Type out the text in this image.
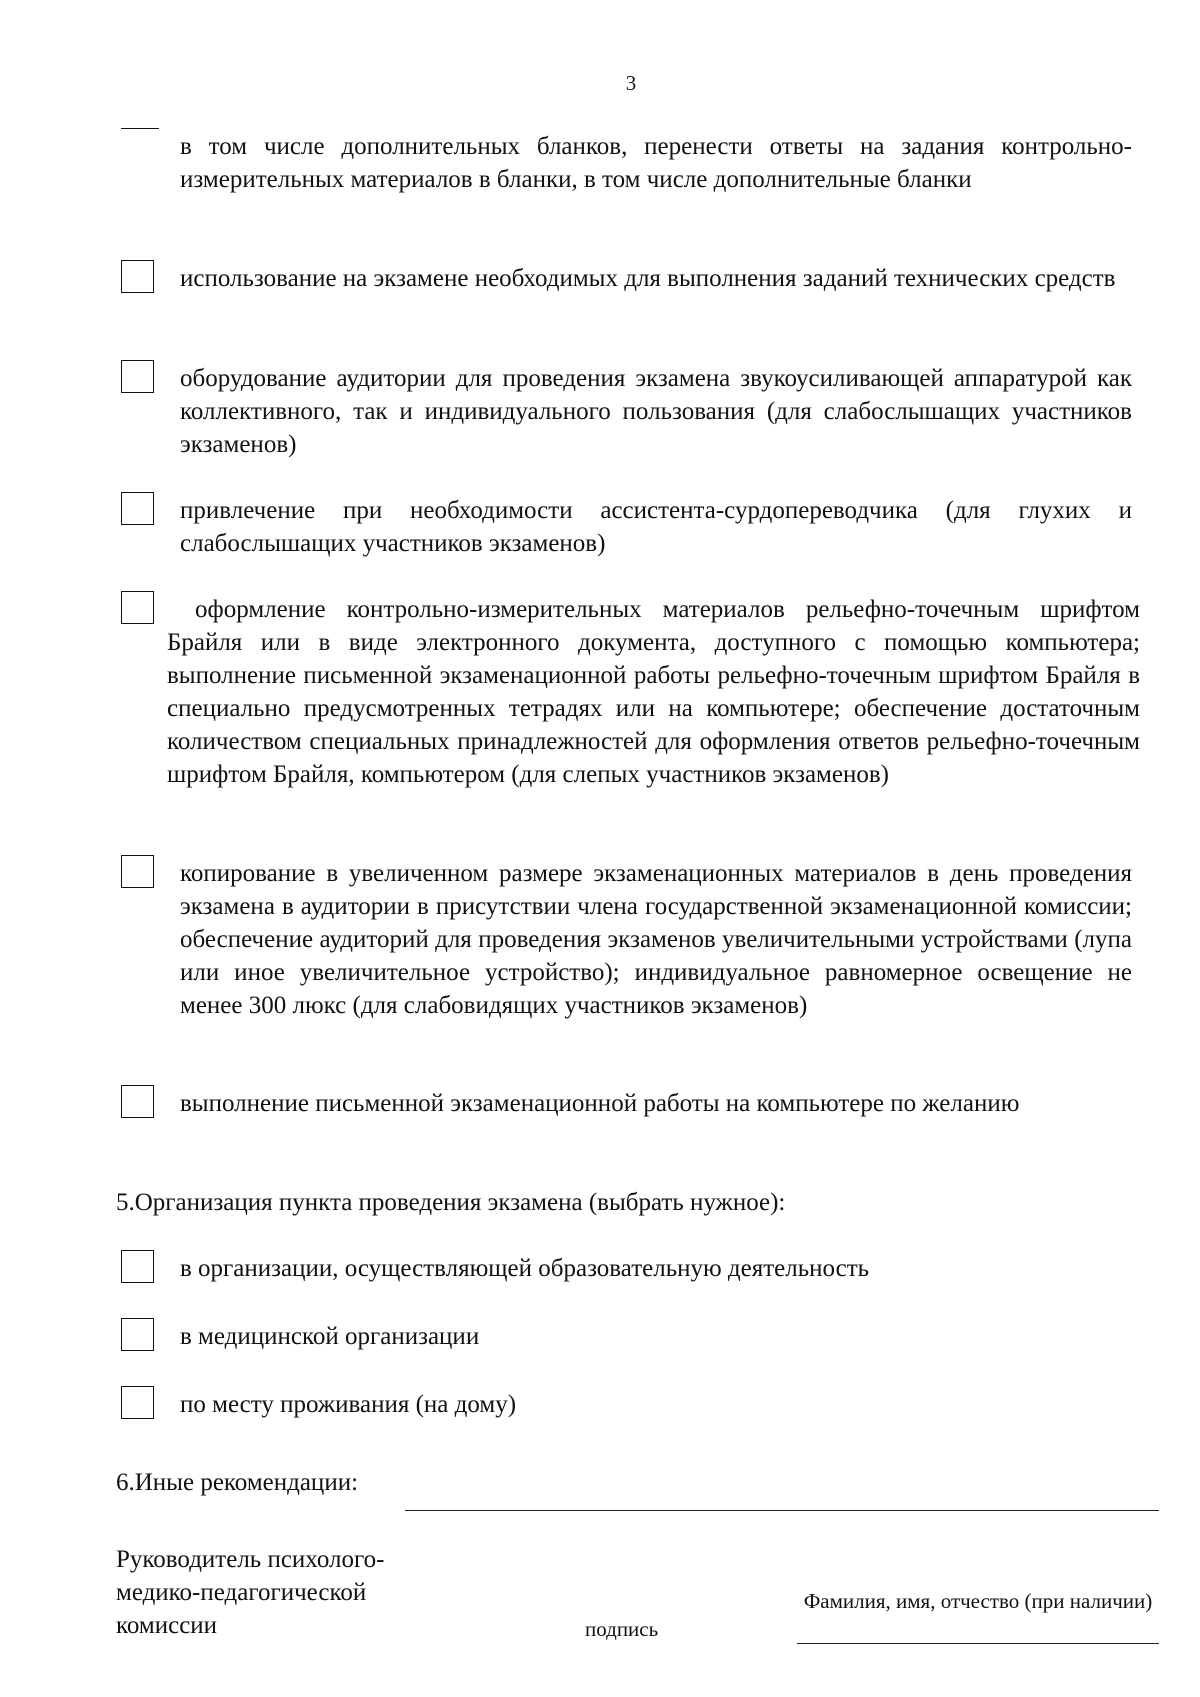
3

в том числе дополнительных бланков, перенести ответы на задания контрольно-измерительных материалов в бланки, в том числе дополнительные бланки

использование на экзамене необходимых для выполнения заданий технических средств

оборудование аудитории для проведения экзамена звукоусиливающей аппаратурой как коллективного, так и индивидуального пользования (для слабослышащих участников экзаменов)

привлечение при необходимости ассистента-сурдопереводчика (для глухих и слабослышащих участников экзаменов)

оформление контрольно-измерительных материалов рельефно-точечным шрифтом Брайля или в виде электронного документа, доступного с помощью компьютера; выполнение письменной экзаменационной работы рельефно-точечным шрифтом Брайля в специально предусмотренных тетрадях или на компьютере; обеспечение достаточным количеством специальных принадлежностей для оформления ответов рельефно-точечным шрифтом Брайля, компьютером (для слепых участников экзаменов)

копирование в увеличенном размере экзаменационных материалов в день проведения экзамена в аудитории в присутствии члена государственной экзаменационной комиссии; обеспечение аудиторий для проведения экзаменов увеличительными устройствами (лупа или иное увеличительное устройство); индивидуальное равномерное освещение не менее 300 люкс (для слабовидящих участников экзаменов)

выполнение письменной экзаменационной работы на компьютере по желанию

5.Организация пункта проведения экзамена (выбрать нужное):

в организации, осуществляющей образовательную деятельность

в медицинской организации

по месту проживания (на дому)

6.Иные рекомендации:

Руководитель психолого-
медико-педагогической
комиссии	подпись
Фамилия, имя, отчество (при наличии)
